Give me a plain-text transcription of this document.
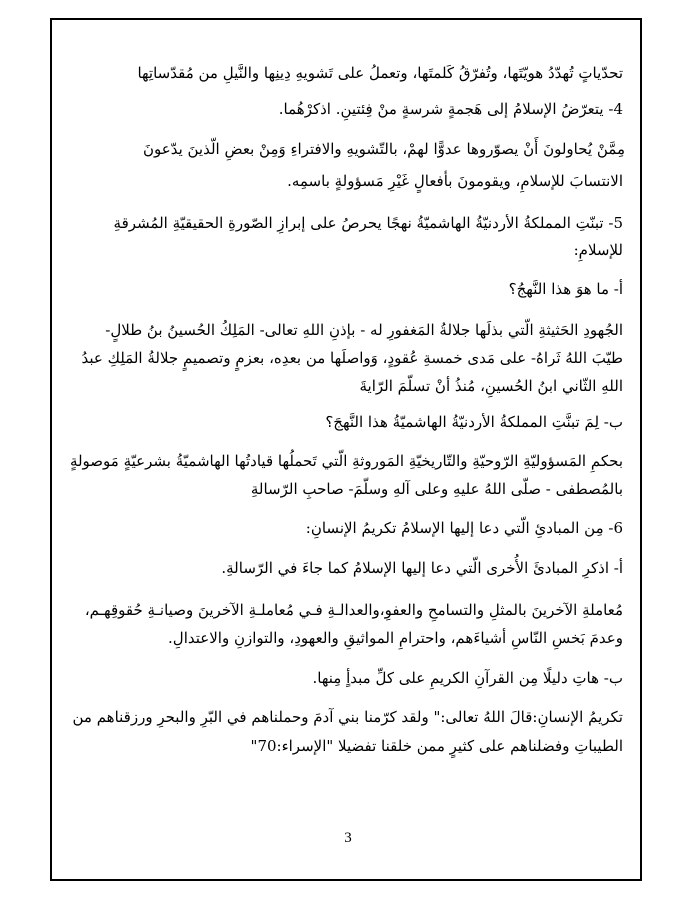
تحدّياتٍ تُهدّدُ هويّتَها، وتُفرّقُ كَلمتَها، وتعملُ على تَشويهِ دِينِها والنَّيلِ من مُقدّساتِها
4- يتعرّضُ الإسلامُ إلى هَجمةٍ شرسةٍ منْ فِئتينِ. اذكرْهُما.
مِمَّنْ يُحاولونَ أَنْ يصوّروها عدوًّا لهمْ، بالتّشويهِ والافتراءِ وَمِنْ بعضِ الّذينَ يدّعونَ
الانتسابَ للإسلامِ، ويقومونَ بأفعالٍ غَيْرِ مَسؤولةٍ باسمِه.
5- تبنّتِ المملكةُ الأردنيّةُ الهاشميّةُ نهجًا يحرصُ على إبرازِ الصّورةِ الحقيقيّةِ المُشرقةِ
للإسلامِ:
أ- ما هوَ هذا النَّهجُ؟
الجُهودِ الحَثيثةِ الّتي بذلَها جلالةُ المَغفورِ له - بإذنِ اللهِ تعالى- المَلِكُ الحُسينُ بنُ طلالٍ-
طيّبَ اللهُ ثَراهُ- على مَدى خمسةِ عُقودٍ، وَواصلَها من بعدِه، بعزمٍ وتصميمٍ جلالةُ المَلِكِ عبدُ
اللهِ الثّاني ابنُ الحُسينِ، مُنذُ أنْ تسلّمَ الرّايةَ
ب- لِمَ تبنَّتِ المملكةُ الأردنيّةُ الهاشميّةُ هذا النَّهجَ؟
بحكمِ المَسؤوليّةِ الرّوحيّةِ والتّاريخيّةِ المَوروثةِ الّتي تَحملُها قيادتُها الهاشميّةُ بشرعيّةٍ مَوصولةٍ
بالمُصطفى - صلّى اللهُ عليهِ وعلى آلهِ وسلّمَ- صاحبِ الرّسالةِ
6- مِن المبادئِ الّتي دعا إليها الإسلامُ تكريمُ الإنسانِ:
أ- اذكرِ المبادئَ الأُخرى الّتي دعا إليها الإسلامُ كما جاءَ في الرّسالةِ.
مُعاملةِ الآخرينَ بالمثلِ والتسامحِ والعفوِ،والعدالـةِ فـي مُعاملـةِ الآخرينَ وصيانـةِ حُقوقِهـم،
وعدمَ بَخسِ النّاسِ أشياءَهم، واحترامِ المواثيقِ والعهودِ، والتوازنِ والاعتدالِ.
ب- هاتِ دليلًا مِن القرآنِ الكريمِ على كلِّ مبدأٍ مِنها.
تكريمُ الإنسانِ:قالَ اللهُ تعالى:" ولقد كرّمنا بني آدمَ وحملناهم في البّرِ والبحرِ ورزقناهم من
الطيباتِ وفضلناهم على كثيرٍ ممن خلقنا تفضيلا "الإسراء:70"
3
